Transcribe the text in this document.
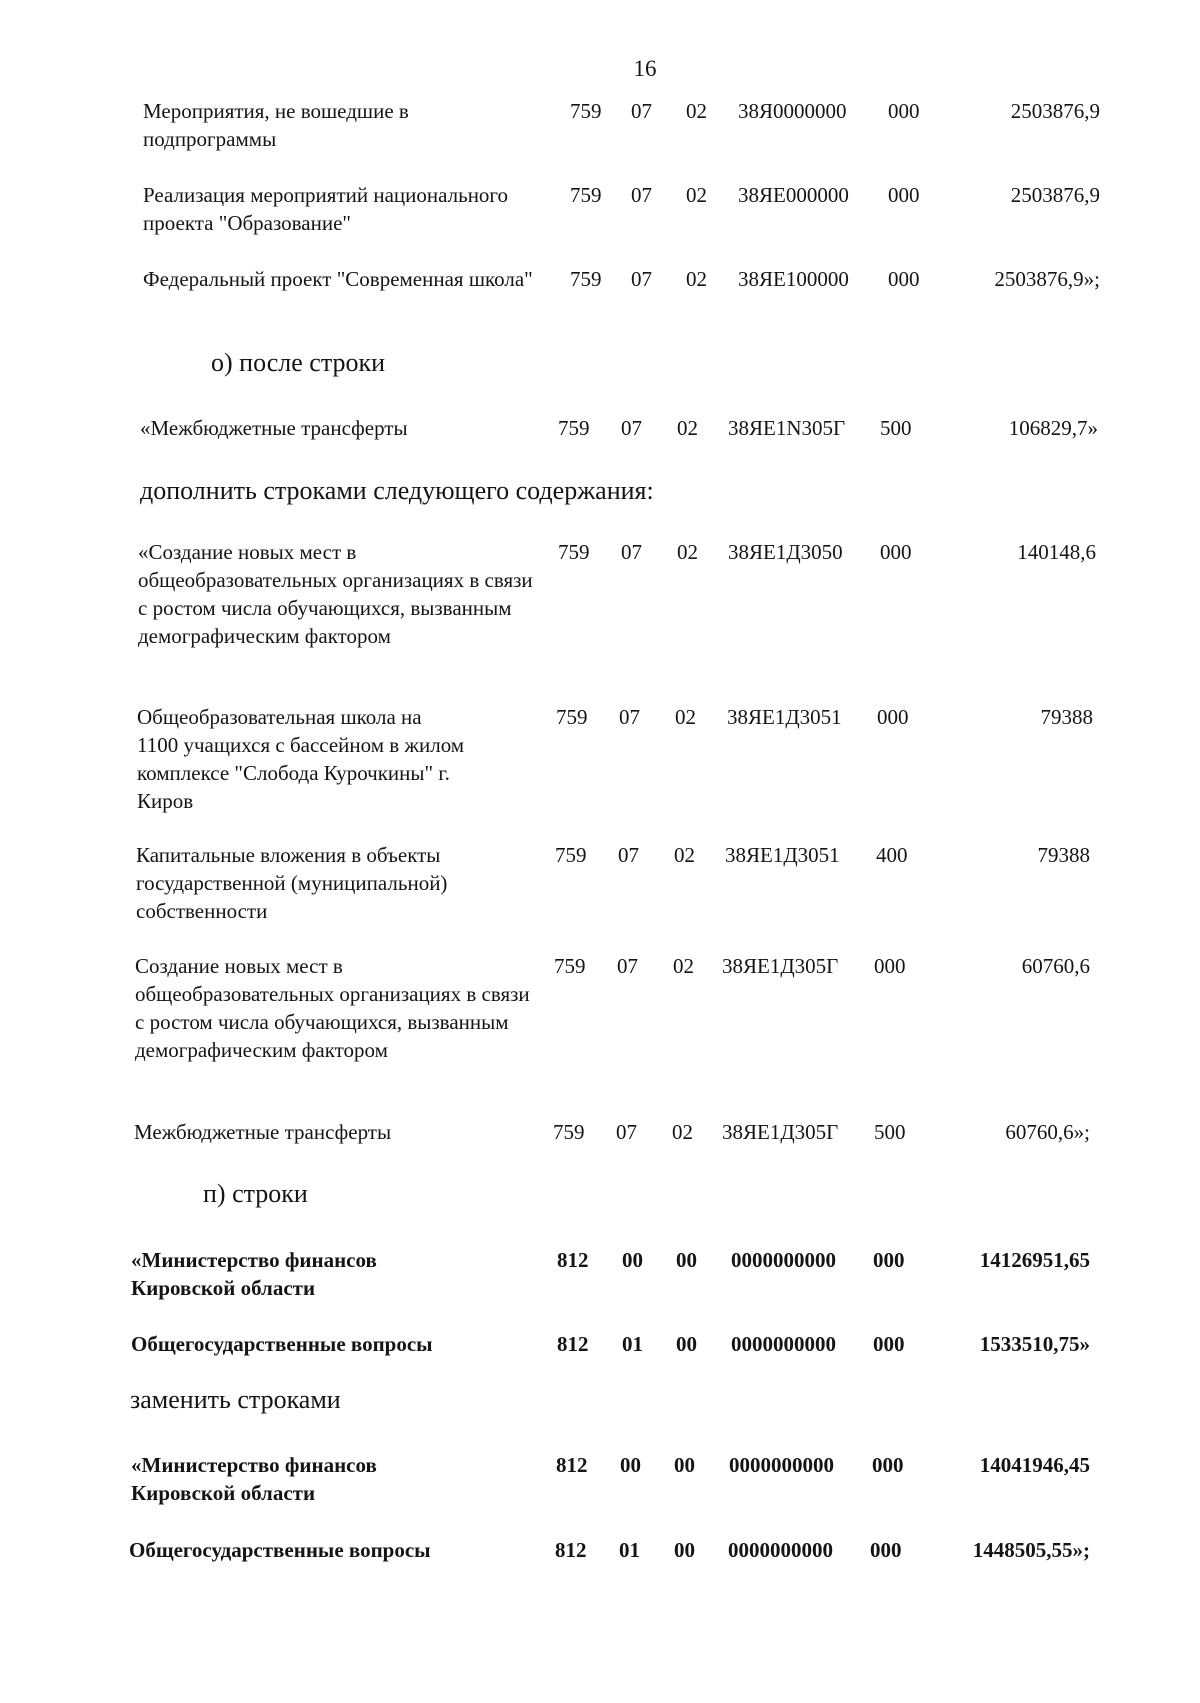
16
Мероприятия, не вошедшие в подпрограммы
759 07 02 38Я0000000 000	2503876,9
Реализация мероприятий национального проекта "Образование"
759 07 02 38ЯЕ000000 000	2503876,9
Федеральный проект "Современная школа" 759 07 02 38ЯЕ100000 000	2503876,9»;
о) после строки
«Межбюджетные трансферты	759 07 02 38ЯЕ1N305Г 500	106829,7»
дополнить строками следующего содержания:
«Создание новых мест в общеобразовательных организациях в связи с ростом числа обучающихся, вызванным демографическим фактором
759 07 02 38ЯЕ1Д3050 000	140148,6
Общеобразовательная школа на 1100 учащихся с бассейном в жилом комплексе "Слобода Курочкины" г. Киров
759 07 02 38ЯЕ1Д3051 000	79388
Капитальные вложения в объекты государственной (муниципальной) собственности
759 07 02 38ЯЕ1Д3051 400	79388
Создание новых мест в общеобразовательных организациях в связи с ростом числа обучающихся, вызванным демографическим фактором
759 07 02 38ЯЕ1Д305Г 000	60760,6
Межбюджетные трансферты	759 07 02 38ЯЕ1Д305Г 500	60760,6»;
п) строки
«Министерство финансов Кировской области
812 00 00 0000000000 000	14126951,65
Общегосударственные вопросы	812 01 00 0000000000 000	1533510,75»
заменить строками
«Министерство финансов Кировской области
812 00 00 0000000000 000	14041946,45
Общегосударственные вопросы	812 01 00 0000000000 000	1448505,55»;
